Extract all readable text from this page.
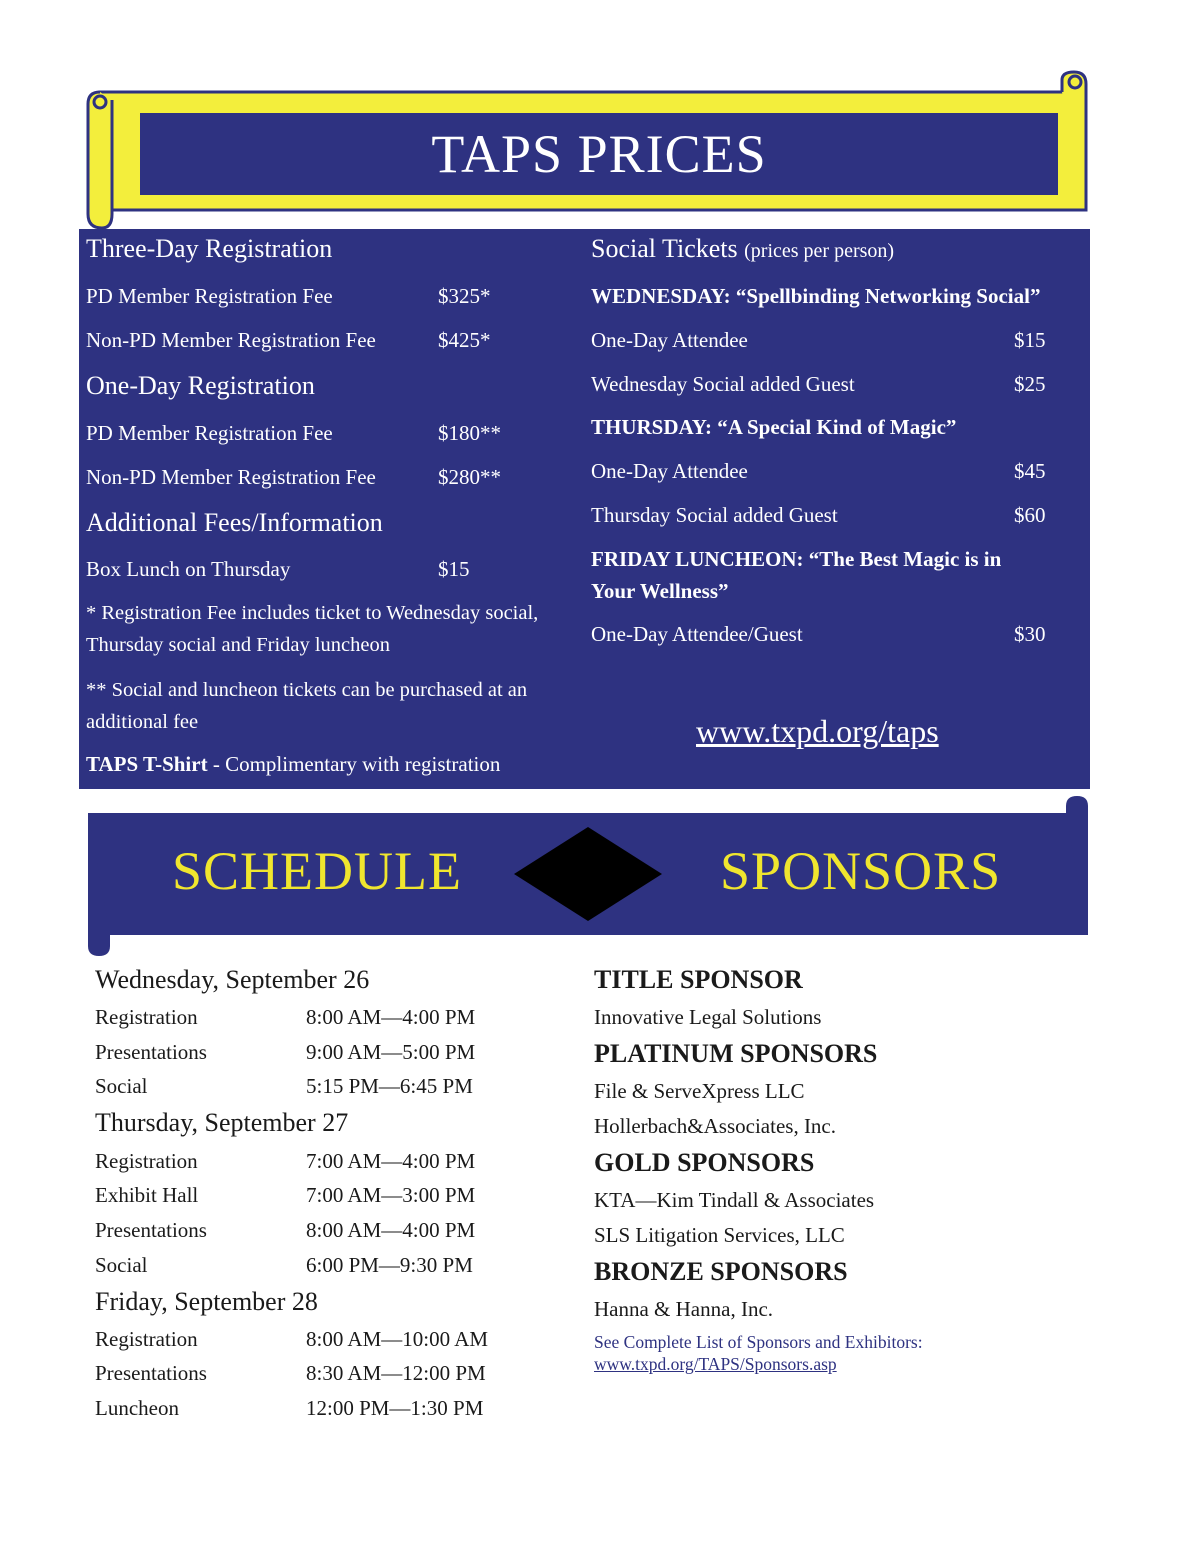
TAPS PRICES
Three-Day Registration
PD Member Registration Fee	$325*
Non-PD Member Registration Fee	$425*
One-Day Registration
PD Member Registration Fee	$180**
Non-PD Member Registration Fee	$280**
Additional Fees/Information
Box Lunch on Thursday	$15
* Registration Fee includes ticket to Wednesday social, Thursday social and Friday luncheon
** Social and luncheon tickets can be purchased at an additional fee
TAPS T-Shirt - Complimentary with registration
Social Tickets (prices per person)
WEDNESDAY: “Spellbinding Networking Social”
One-Day Attendee	$15
Wednesday Social added Guest	$25
THURSDAY: “A Special Kind of Magic”
One-Day Attendee	$45
Thursday Social added Guest	$60
FRIDAY LUNCHEON: “The Best Magic is in
Your Wellness”
One-Day Attendee/Guest	$30
www.txpd.org/taps
SCHEDULE	SPONSORS
Wednesday, September 26
Registration	8:00 AM—4:00 PM
Presentations	9:00 AM—5:00 PM
Social	5:15 PM—6:45 PM
Thursday, September 27
Registration	7:00 AM—4:00 PM
Exhibit Hall	7:00 AM—3:00 PM
Presentations	8:00 AM—4:00 PM
Social	6:00 PM—9:30 PM
Friday, September 28
Registration	8:00 AM—10:00 AM
Presentations	8:30 AM—12:00 PM
Luncheon	12:00 PM—1:30 PM
TITLE SPONSOR
Innovative Legal Solutions
PLATINUM SPONSORS
File & ServeXpress LLC
Hollerbach&Associates, Inc.
GOLD SPONSORS
KTA—Kim Tindall & Associates
SLS Litigation Services, LLC
BRONZE SPONSORS
Hanna & Hanna, Inc.
See Complete List of Sponsors and Exhibitors: www.txpd.org/TAPS/Sponsors.asp
